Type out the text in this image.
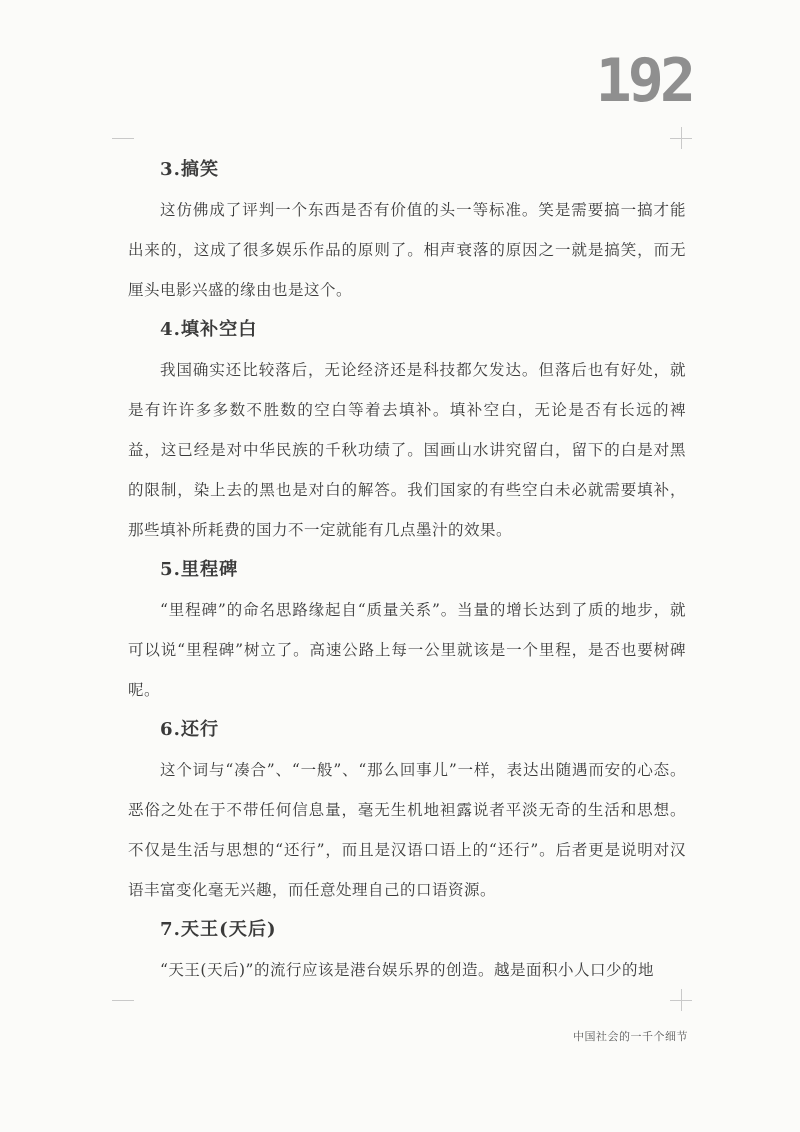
192
3.搞笑

这仿佛成了评判一个东西是否有价值的头一等标准。笑是需要搞一搞才能出来的，这成了很多娱乐作品的原则了。相声衰落的原因之一就是搞笑，而无厘头电影兴盛的缘由也是这个。

4.填补空白

我国确实还比较落后，无论经济还是科技都欠发达。但落后也有好处，就是有许许多多数不胜数的空白等着去填补。填补空白，无论是否有长远的裨益，这已经是对中华民族的千秋功绩了。国画山水讲究留白，留下的白是对黑的限制，染上去的黑也是对白的解答。我们国家的有些空白未必就需要填补，那些填补所耗费的国力不一定就能有几点墨汁的效果。

5.里程碑

“里程碑”的命名思路缘起自“质量关系”。当量的增长达到了质的地步，就可以说“里程碑”树立了。高速公路上每一公里就该是一个里程，是否也要树碑呢。

6.还行

这个词与“凑合”、“一般”、“那么回事儿”一样，表达出随遇而安的心态。恶俗之处在于不带任何信息量，毫无生机地袒露说者平淡无奇的生活和思想。不仅是生活与思想的“还行”，而且是汉语口语上的“还行”。后者更是说明对汉语丰富变化毫无兴趣，而任意处理自己的口语资源。

7.天王(天后)

“天王(天后)”的流行应该是港台娱乐界的创造。越是面积小人口少的地

中国社会的一千个细节
